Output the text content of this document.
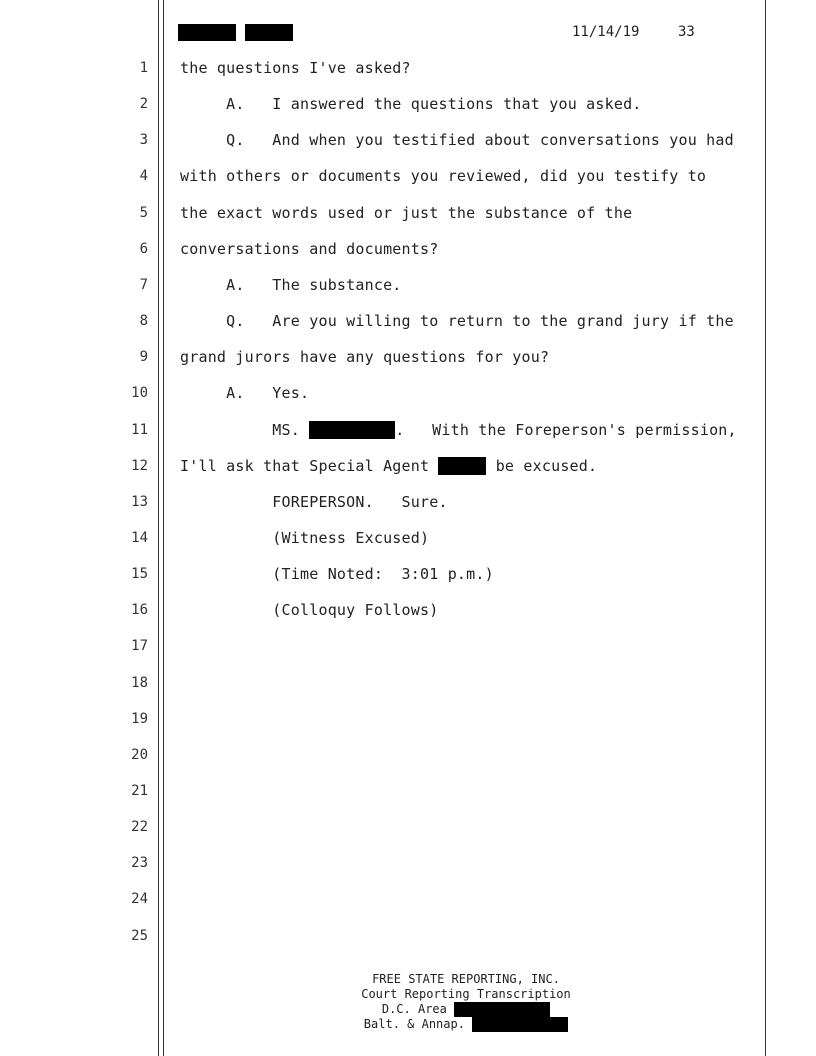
11/14/19	33
1 the questions I've asked?
2 A.   I answered the questions that you asked.
3 Q.   And when you testified about conversations you had
4 with others or documents you reviewed, did you testify to
5 the exact words used or just the substance of the
6 conversations and documents?
7 A.   The substance.
8 Q.   Are you willing to return to the grand jury if the
9 grand jurors have any questions for you?
10 A.   Yes.
11 MS.	.   With the Foreperson's permission,
12 I'll ask that Special Agent	be excused.
13 FOREPERSON.   Sure.
14 (Witness Excused)
15 (Time Noted:  3:01 p.m.)
16 (Colloquy Follows)
17
18
19
20
21
22
23
24
25
FREE STATE REPORTING, INC.
Court Reporting Transcription
D.C. Area
Balt. & Annap.
